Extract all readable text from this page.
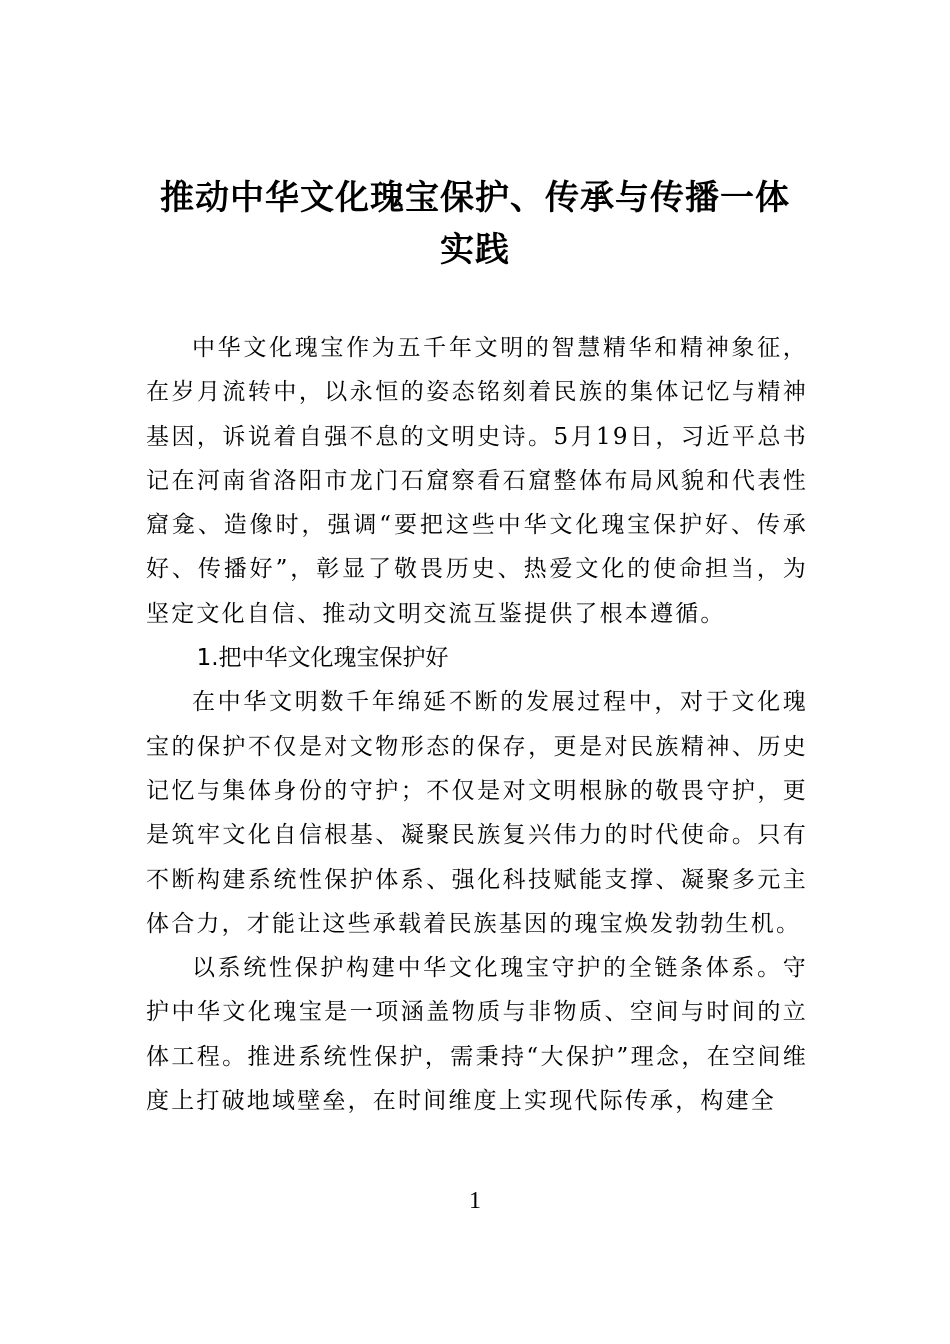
推动中华文化瑰宝保护、传承与传播一体
实践

中华文化瑰宝作为五千年文明的智慧精华和精神象征，在岁月流转中，以永恒的姿态铭刻着民族的集体记忆与精神基因，诉说着自强不息的文明史诗。5月19日，习近平总书记在河南省洛阳市龙门石窟察看石窟整体布局风貌和代表性窟龛、造像时，强调“要把这些中华文化瑰宝保护好、传承好、传播好”，彰显了敬畏历史、热爱文化的使命担当，为坚定文化自信、推动文明交流互鉴提供了根本遵循。

1.把中华文化瑰宝保护好

在中华文明数千年绵延不断的发展过程中，对于文化瑰宝的保护不仅是对文物形态的保存，更是对民族精神、历史记忆与集体身份的守护；不仅是对文明根脉的敬畏守护，更是筑牢文化自信根基、凝聚民族复兴伟力的时代使命。只有不断构建系统性保护体系、强化科技赋能支撑、凝聚多元主体合力，才能让这些承载着民族基因的瑰宝焕发勃勃生机。

以系统性保护构建中华文化瑰宝守护的全链条体系。守护中华文化瑰宝是一项涵盖物质与非物质、空间与时间的立体工程。推进系统性保护，需秉持“大保护”理念，在空间维度上打破地域壁垒，在时间维度上实现代际传承，构建全

1
